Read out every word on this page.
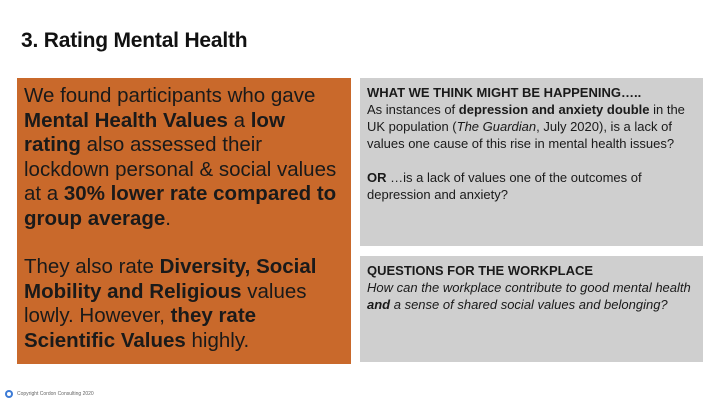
3. Rating Mental Health

We found participants who gave Mental Health Values a low rating also assessed their lockdown personal & social values at a 30% lower rate compared to group average.

They also rate Diversity, Social Mobility and Religious values lowly. However, they rate Scientific Values highly.

WHAT WE THINK MIGHT BE HAPPENING…..

As instances of depression and anxiety double in the UK population (The Guardian, July 2020), is a lack of values one cause of this rise in mental health issues?

OR …is a lack of values one of the outcomes of depression and anxiety?

QUESTIONS FOR THE WORKPLACE

How can the workplace contribute to good mental health and a sense of shared social values and belonging?

Copyright Cordon Consulting 2020
